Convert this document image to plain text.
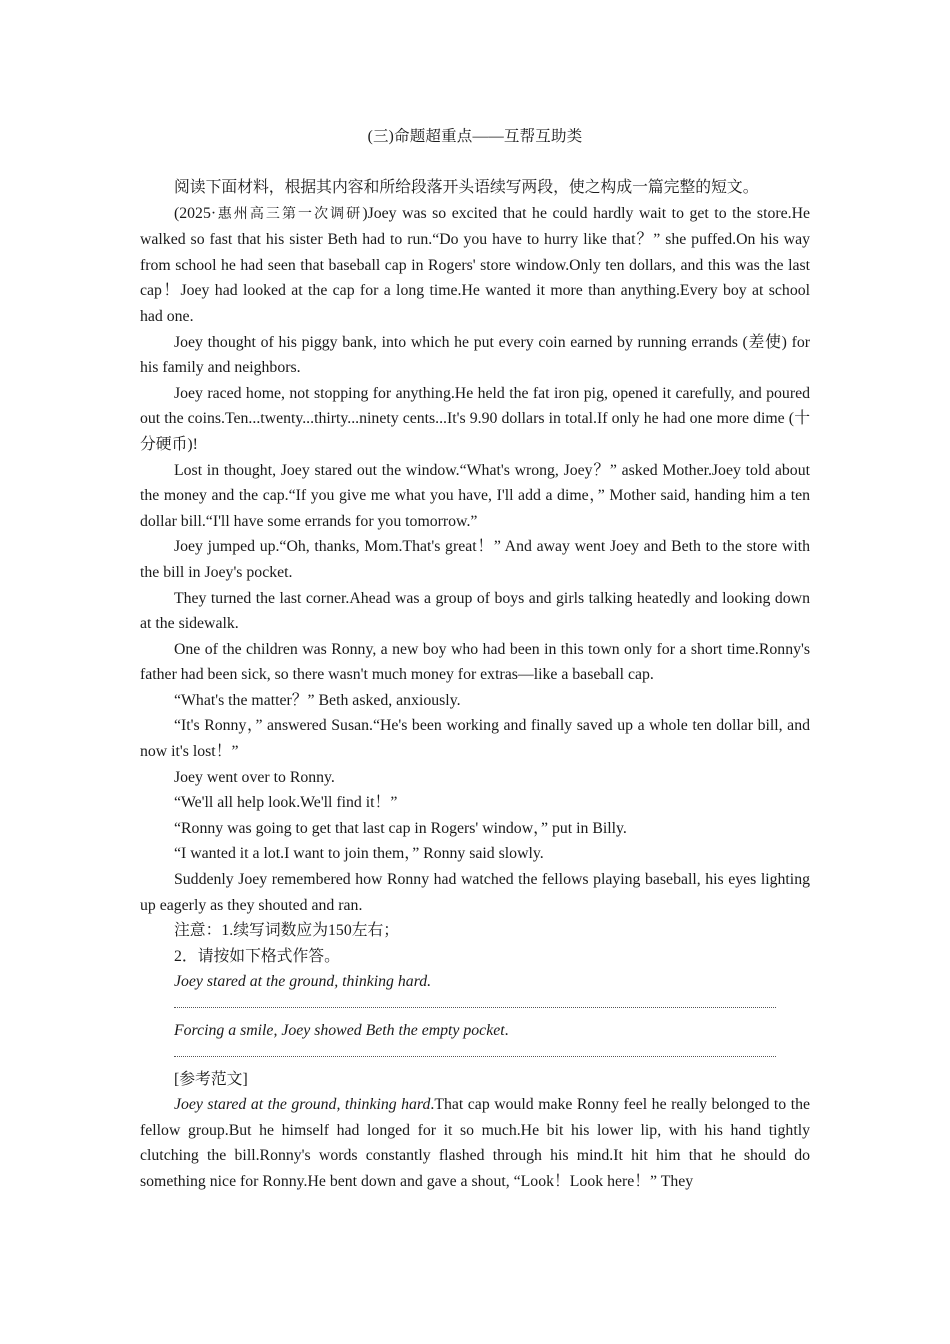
(三)命题超重点——互帮互助类

阅读下面材料，根据其内容和所给段落开头语续写两段，使之构成一篇完整的短文。

(2025·惠州高三第一次调研)Joey was so excited that he could hardly wait to get to the store.He walked so fast that his sister Beth had to run.“Do you have to hurry like that？” she puffed.On his way from school he had seen that baseball cap in Rogers' store window.Only ten dollars, and this was the last cap！Joey had looked at the cap for a long time.He wanted it more than anything.Every boy at school had one.

Joey thought of his piggy bank, into which he put every coin earned by running errands (差使) for his family and neighbors.

Joey raced home, not stopping for anything.He held the fat iron pig, opened it carefully, and poured out the coins.Ten...twenty...thirty...ninety cents...It's 9.90 dollars in total.If only he had one more dime (十分硬币)!

Lost in thought, Joey stared out the window.“What's wrong, Joey？” asked Mother.Joey told about the money and the cap.“If you give me what you have, I'll add a dime，” Mother said, handing him a ten dollar bill.“I'll have some errands for you tomorrow.”

Joey jumped up.“Oh, thanks, Mom.That's great！” And away went Joey and Beth to the store with the bill in Joey's pocket.

They turned the last corner.Ahead was a group of boys and girls talking heatedly and looking down at the sidewalk.

One of the children was Ronny, a new boy who had been in this town only for a short time.Ronny's father had been sick, so there wasn't much money for extras—like a baseball cap.

“What's the matter？” Beth asked, anxiously.

“It's Ronny，” answered Susan.“He's been working and finally saved up a whole ten dollar bill, and now it's lost！”

Joey went over to Ronny.

“We'll all help look.We'll find it！”

“Ronny was going to get that last cap in Rogers' window，” put in Billy.

“I wanted it a lot.I want to join them，” Ronny said slowly.

Suddenly Joey remembered how Ronny had watched the fellows playing baseball, his eyes lighting up eagerly as they shouted and ran.

注意：1.续写词数应为150左右；

2．请按如下格式作答。

Joey stared at the ground, thinking hard.

Forcing a smile, Joey showed Beth the empty pocket.

[参考范文]

Joey stared at the ground, thinking hard.That cap would make Ronny feel he really belonged to the fellow group.But he himself had longed for it so much.He bit his lower lip, with his hand tightly clutching the bill.Ronny's words constantly flashed through his mind.It hit him that he should do something nice for Ronny.He bent down and gave a shout, “Look！Look here！” They
